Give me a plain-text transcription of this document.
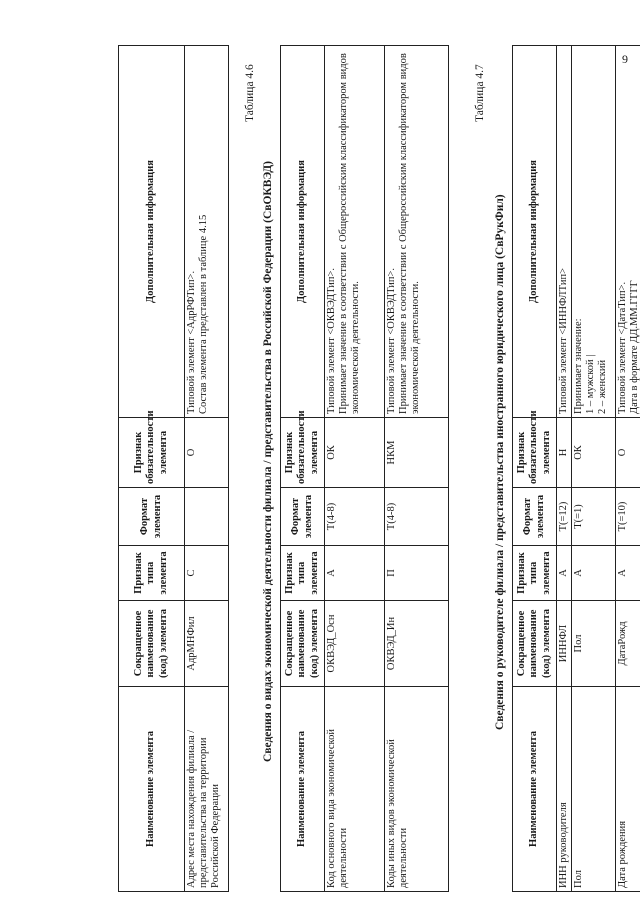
9
Наименование элемента	Сокращенное наименование (код) элемента	Признак типа элемента	Формат элемента	Признак обязательности элемента	Дополнительная информация
Адрес места нахождения филиала / представительства на территории Российской Федерации	АдрМНФил	С		О	Типовой элемент <АдрРФТип>. Состав элемента представлен в таблице 4.15
Таблица 4.6
Сведения о видах экономической деятельности филиала / представительства в Российской Федерации (СвОКВЭД)
Наименование элемента	Сокращенное наименование (код) элемента	Признак типа элемента	Формат элемента	Признак обязательности элемента	Дополнительная информация

Код основного вида экономической деятельности	ОКВЭД_Осн	А	T(4-8)	ОК	Типовой элемент <ОКВЭДТип>. Принимает значение в соответствии с Общероссийским классификатором видов экономической деятельности.

Коды иных видов экономической деятельности	ОКВЭД_Ин	П	T(4-8)	НКМ	Типовой элемент <ОКВЭДТип>. Принимает значение в соответствии с Общероссийским классификатором видов экономической деятельности.
Таблица 4.7
Сведения о руководителе филиала / представительства иностранного юридического лица (СвРукФил)
Наименование элемента	Сокращенное наименование (код) элемента	Признак типа элемента	Формат элемента	Признак обязательности элемента	Дополнительная информация

ИНН руководителя	ИННФЛ	А	T(=12)	Н	Типовой элемент <ИННФЛТип>

Пол	Пол	А	T(=1)	ОК	Принимает значение: 1 – мужской | 2 – женский

Дата рождения	ДатаРожд	А	T(=10)	О	Типовой элемент <ДатаТип>. Дата в формате ДД.ММ.ГГГГ
